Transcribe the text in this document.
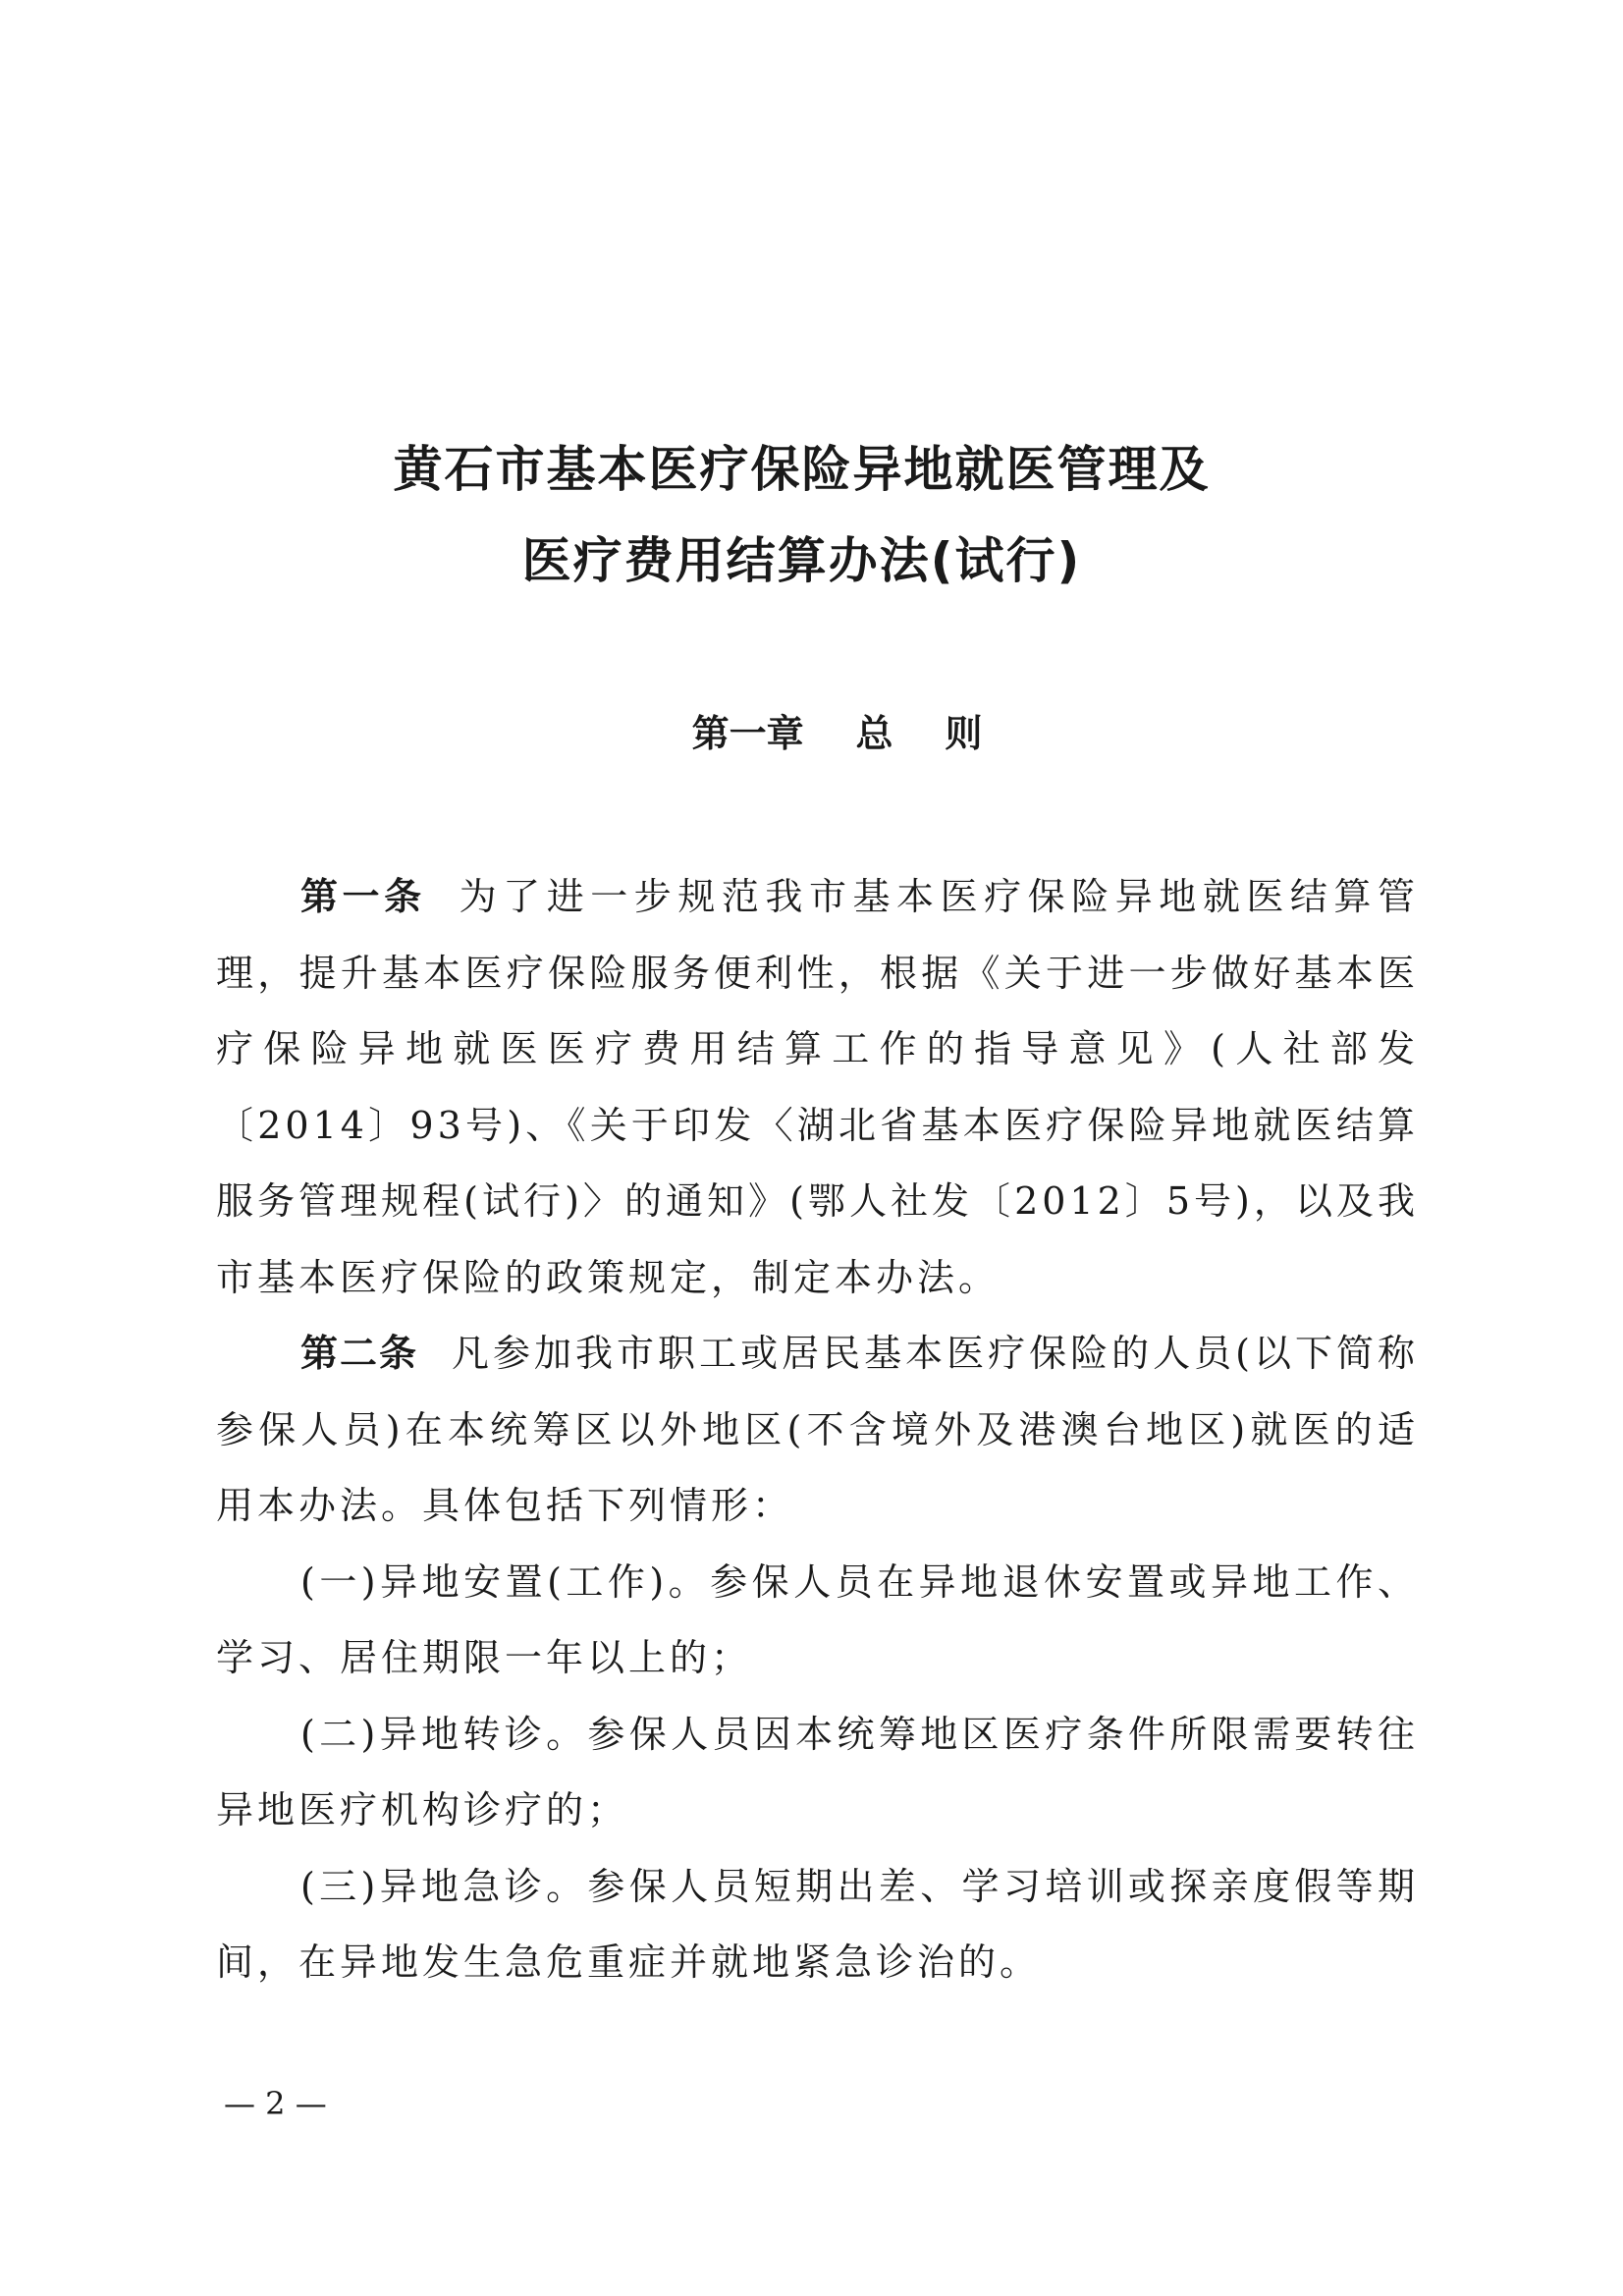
黄石市基本医疗保险异地就医管理及
医疗费用结算办法(试行)
第一章    总    则

第一条 为了进一步规范我市基本医疗保险异地就医结算管理，提升基本医疗保险服务便利性，根据《关于进一步做好基本医疗保险异地就医医疗费用结算工作的指导意见》(人社部发〔2014〕93号)、《关于印发〈湖北省基本医疗保险异地就医结算服务管理规程(试行)〉的通知》(鄂人社发〔2012〕5号)，以及我市基本医疗保险的政策规定，制定本办法。

第二条 凡参加我市职工或居民基本医疗保险的人员(以下简称参保人员)在本统筹区以外地区(不含境外及港澳台地区)就医的适用本办法。具体包括下列情形：

(一)异地安置(工作)。参保人员在异地退休安置或异地工作、学习、居住期限一年以上的；

(二)异地转诊。参保人员因本统筹地区医疗条件所限需要转往异地医疗机构诊疗的；

(三)异地急诊。参保人员短期出差、学习培训或探亲度假等期间，在异地发生急危重症并就地紧急诊治的。

— 2 —
